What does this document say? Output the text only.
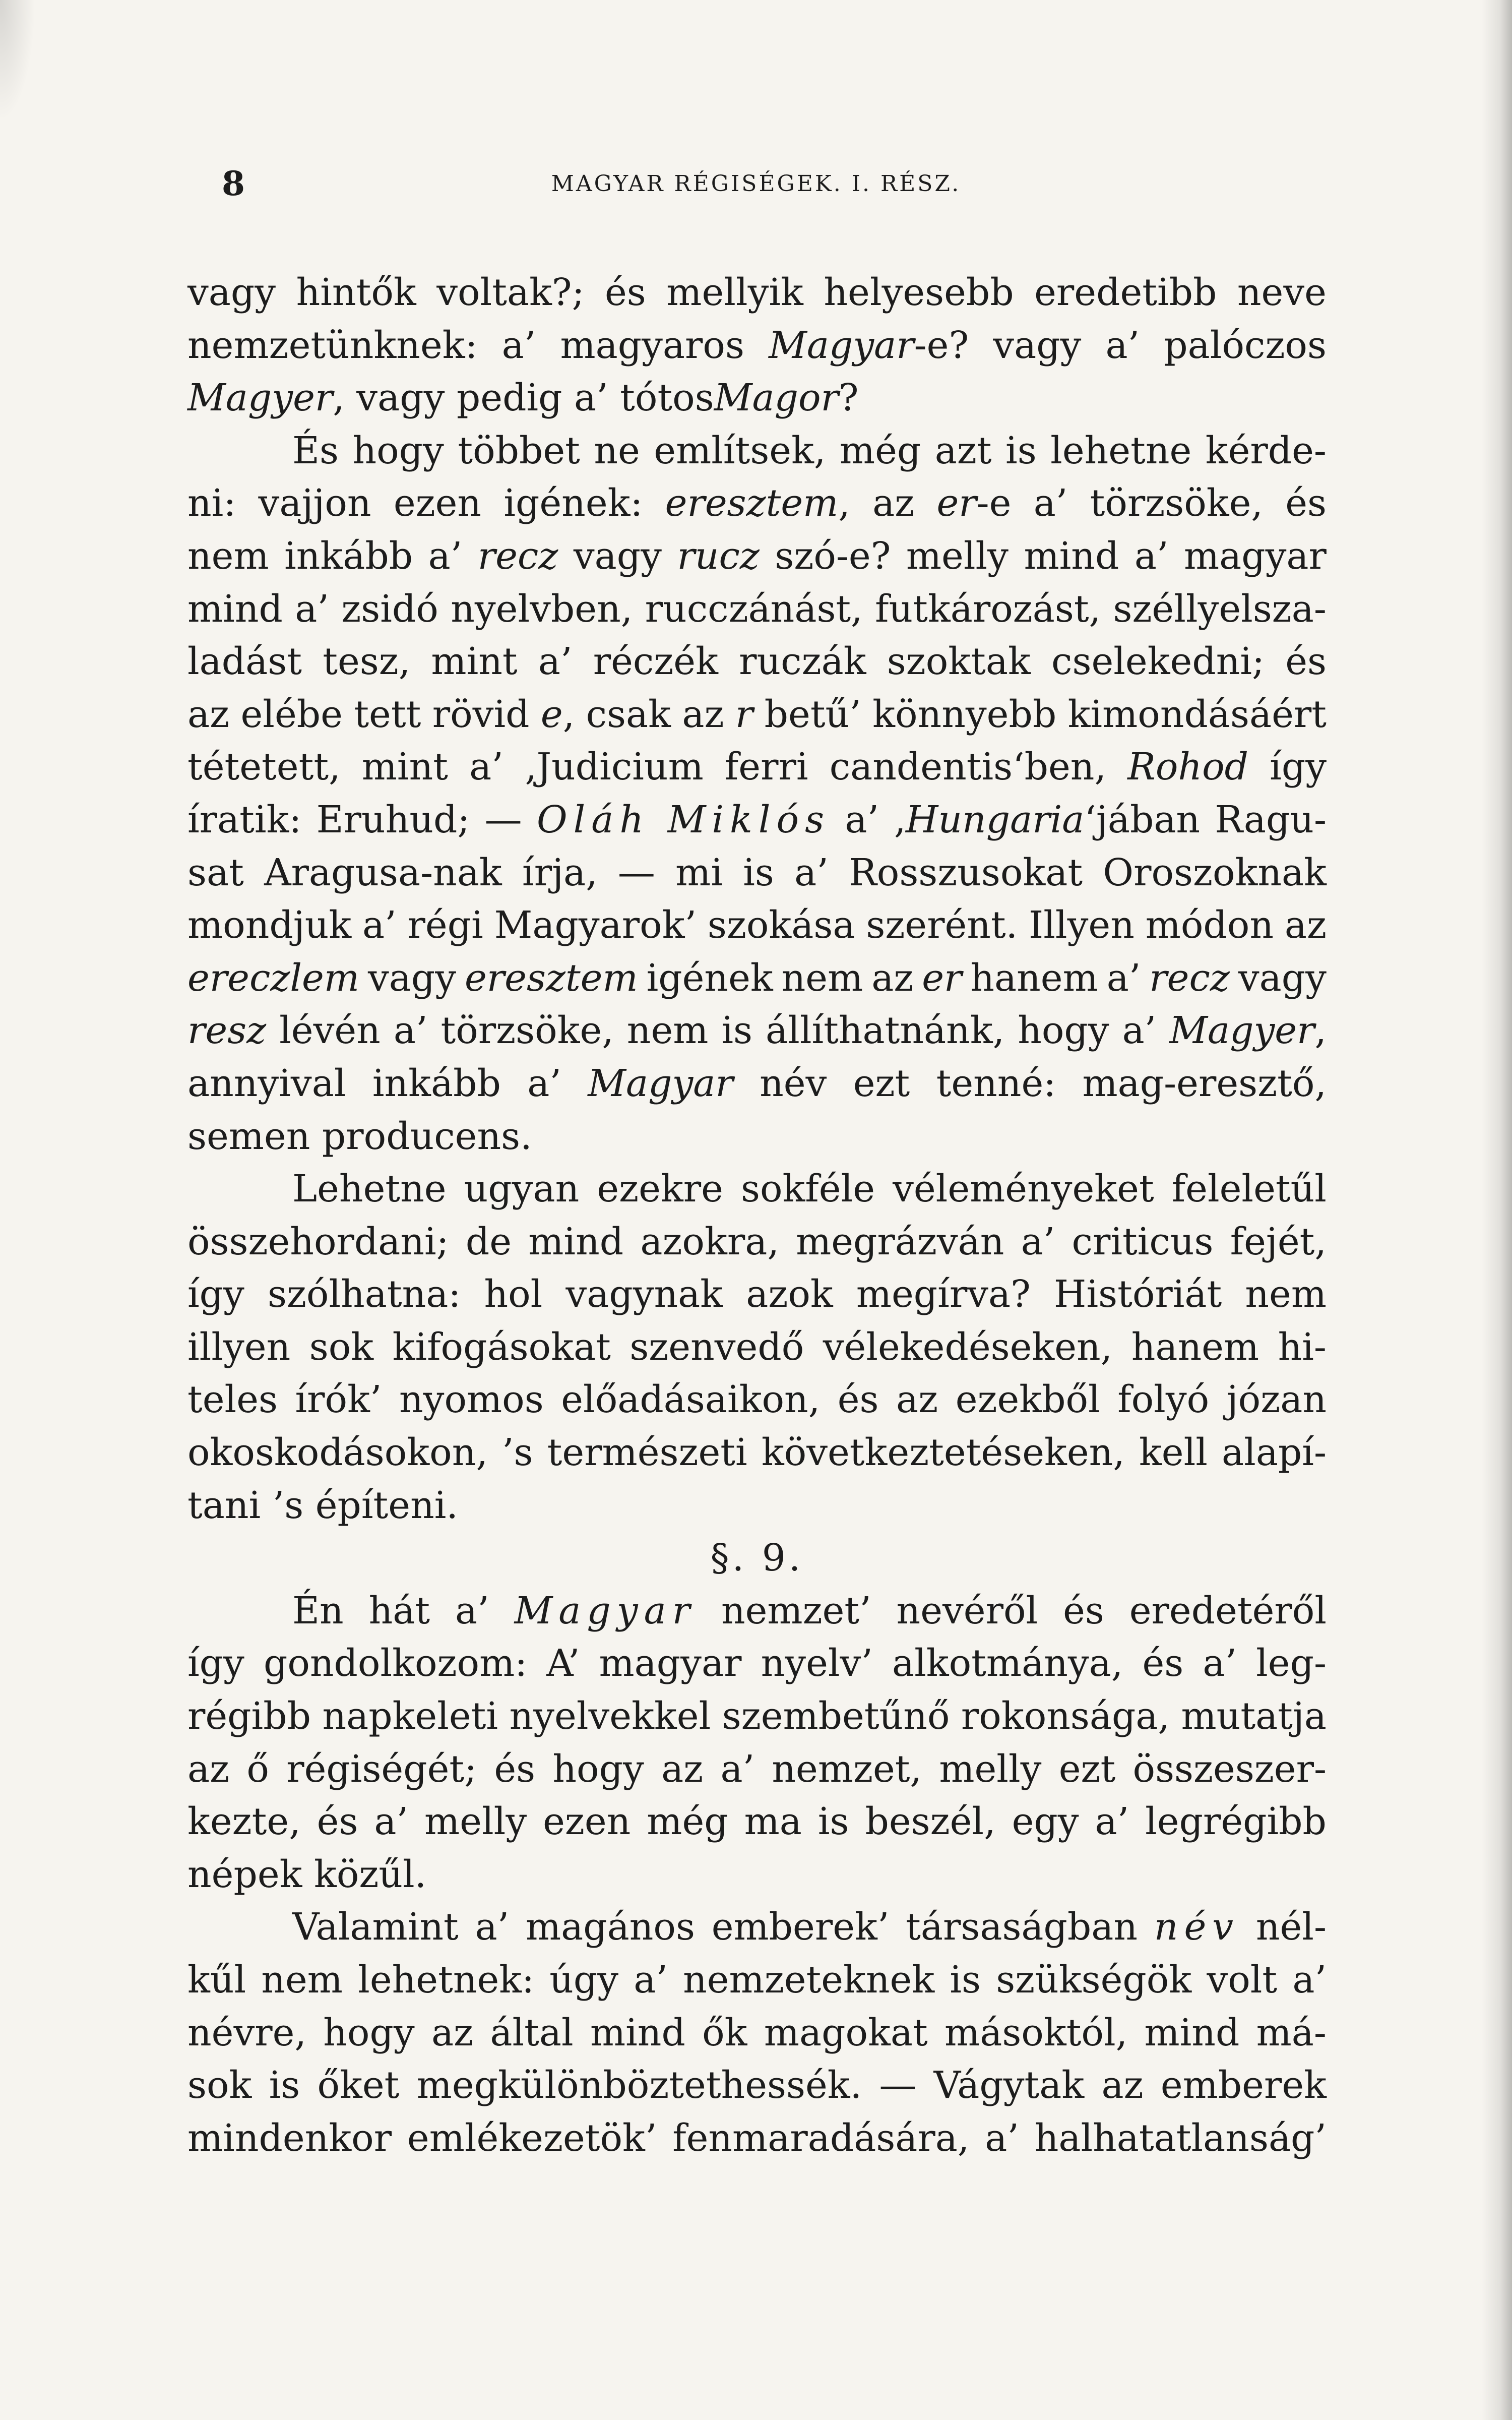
8	MAGYAR RÉGISÉGEK. I. RÉSZ.
vagy hintők voltak?; és mellyik helyesebb eredetibb neve
nemzetünknek: a’ magyaros Magyar-e? vagy a’ palóczos
Magyer , vagy pedig a’ tótos Magor ?
És hogy többet ne említsek, még azt is lehetne kérde-
ni: vajjon ezen igének: eresztem, az er-e a’ törzsöke, és
nem inkább a’ recz vagy rucz szó-e? melly mind a’ magyar
mind a’ zsidó nyelvben, rucczánást, futkározást, széllyelsza-
ladást tesz, mint a’ réczék ruczák szoktak cselekedni; és
az elébe tett rövid e, csak az r betű’ könnyebb kimondásáért
tétetett, mint a’ ‚Judicium ferri candentis‘ben, Rohod így
íratik: Eruhud; — Oláh Miklós a’ ‚Hungaria‘jában Ragu-
sat Aragusa-nak írja, — mi is a’ Rosszusokat Oroszoknak
mondjuk a’ régi Magyarok’ szokása szerént. Illyen módon az
ereczlem vagy eresztem igének nem az er hanem a’ recz vagy
resz lévén a’ törzsöke, nem is állíthatnánk, hogy a’ Magyer,
annyival inkább a’ Magyar név ezt tenné: mag-eresztő,
semen producens.
Lehetne ugyan ezekre sokféle véleményeket feleletűl
összehordani; de mind azokra, megrázván a’ criticus fejét,
így szólhatna: hol vagynak azok megírva? Históriát nem
illyen sok kifogásokat szenvedő vélekedéseken, hanem hi-
teles írók’ nyomos előadásaikon, és az ezekből folyó józan
okoskodásokon, ’s természeti következtetéseken, kell alapí-
tani ’s építeni.
§. 9.
Én hát a’ Magyar nemzet’ nevéről és eredetéről
így gondolkozom: A’ magyar nyelv’ alkotmánya, és a’ leg-
régibb napkeleti nyelvekkel szembetűnő rokonsága, mutatja
az ő régiségét; és hogy az a’ nemzet, melly ezt összeszer-
kezte, és a’ melly ezen még ma is beszél, egy a’ legrégibb
népek közűl.
Valamint a’ magános emberek’ társaságban név nél-
kűl nem lehetnek: úgy a’ nemzeteknek is szükségök volt a’
névre, hogy az által mind ők magokat másoktól, mind má-
sok is őket megkülönböztethessék. — Vágytak az emberek
mindenkor emlékezetök’ fenmaradására, a’ halhatatlanság’
